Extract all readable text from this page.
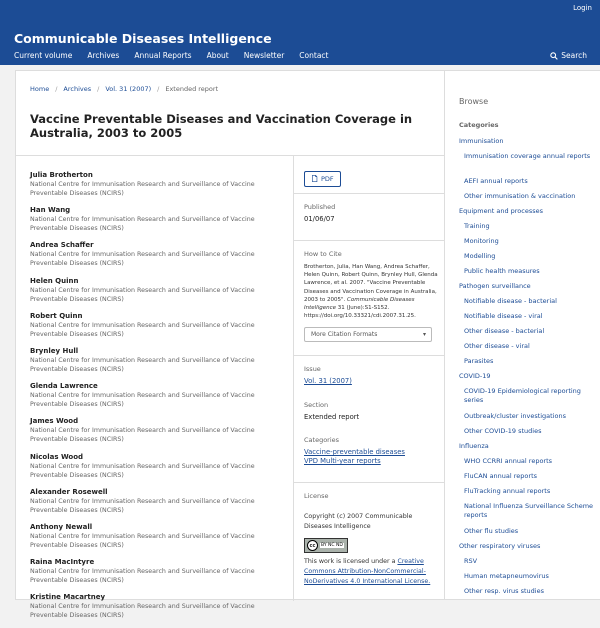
Login
Communicable Diseases Intelligence
Current volume Archives Annual Reports About Newsletter Contact	Search
Home / Archives / Vol. 31 (2007) / Extended report
Vaccine Preventable Diseases and Vaccination Coverage in Australia, 2003 to 2005
Julia Brotherton
National Centre for Immunisation Research and Surveillance of Vaccine Preventable Diseases (NCIRS)
Han Wang
National Centre for Immunisation Research and Surveillance of Vaccine Preventable Diseases (NCIRS)
Andrea Schaffer
National Centre for Immunisation Research and Surveillance of Vaccine Preventable Diseases (NCIRS)
Helen Quinn
National Centre for Immunisation Research and Surveillance of Vaccine Preventable Diseases (NCIRS)
Robert Quinn
National Centre for Immunisation Research and Surveillance of Vaccine Preventable Diseases (NCIRS)
Brynley Hull
National Centre for Immunisation Research and Surveillance of Vaccine Preventable Diseases (NCIRS)
Glenda Lawrence
National Centre for Immunisation Research and Surveillance of Vaccine Preventable Diseases (NCIRS)
James Wood
National Centre for Immunisation Research and Surveillance of Vaccine Preventable Diseases (NCIRS)
Nicolas Wood
National Centre for Immunisation Research and Surveillance of Vaccine Preventable Diseases (NCIRS)
Alexander Rosewell
National Centre for Immunisation Research and Surveillance of Vaccine Preventable Diseases (NCIRS)
Anthony Newall
National Centre for Immunisation Research and Surveillance of Vaccine Preventable Diseases (NCIRS)
Raina MacIntyre
National Centre for Immunisation Research and Surveillance of Vaccine Preventable Diseases (NCIRS)
Kristine Macartney
National Centre for Immunisation Research and Surveillance of Vaccine Preventable Diseases (NCIRS)
PDF
Published
01/06/07
How to Cite
Brotherton, Julia, Han Wang, Andrea Schaffer, Helen Quinn, Robert Quinn, Brynley Hull, Glenda Lawrence, et al. 2007. "Vaccine Preventable Diseases and Vaccination Coverage in Australia, 2003 to 2005". Communicable Diseases Intelligence 31 (June):S1-S152. https://doi.org/10.33321/cdi.2007.31.25.
More Citation Formats	▾
Issue
Vol. 31 (2007)
Section
Extended report
Categories
Vaccine-preventable diseases
VPD Multi-year reports
License
Copyright (c) 2007 Communicable Diseases Intelligence
cc	BY NC ND
This work is licensed under a Creative Commons Attribution-NonCommercial-NoDerivatives 4.0 International License.
Browse
Categories
Immunisation
Immunisation coverage annual reports
AEFI annual reports
Other immunisation & vaccination
Equipment and processes
Training
Monitoring
Modelling
Public health measures
Pathogen surveillance
Notifiable disease - bacterial
Notifiable disease - viral
Other disease - bacterial
Other disease - viral
Parasites
COVID-19
COVID-19 Epidemiological reporting series
Outbreak/cluster investigations
Other COVID-19 studies
Influenza
WHO CCRRI annual reports
FluCAN annual reports
FluTracking annual reports
National Influenza Surveillance Scheme reports
Other flu studies
Other respiratory viruses
RSV
Human metapneumovirus
Other resp. virus studies
